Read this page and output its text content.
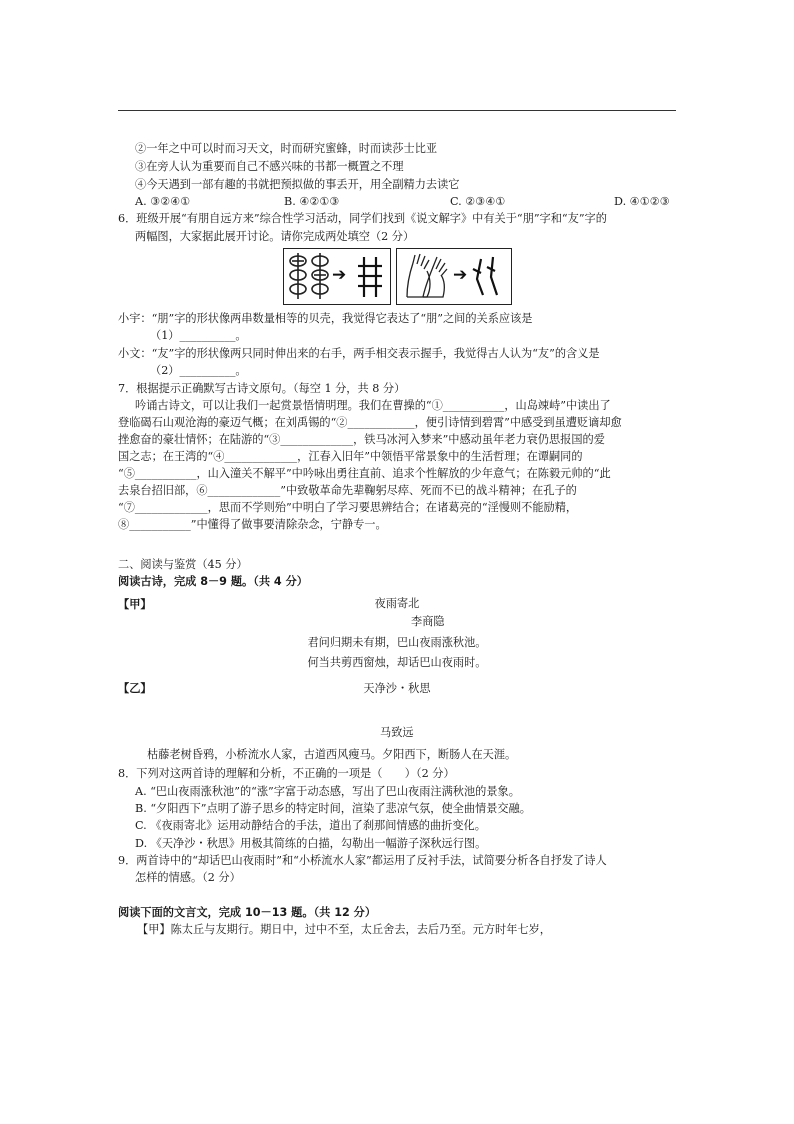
②一年之中可以时而习天文，时而研究蜜蜂，时而读莎士比亚
③在旁人认为重要而自己不感兴味的书都一概置之不理
④今天遇到一部有趣的书就把预拟做的事丢开，用全副精力去读它
A. ③②④①	B. ④②①③	C. ②③④①	D. ④①②③
6．班级开展“有朋自远方来”综合性学习活动，同学们找到《说文解字》中有关于“朋”字和“友”字的
两幅图，大家据此展开讨论。请你完成两处填空（2 分）
➔	➔
小宇：“朋”字的形状像两串数量相等的贝壳，我觉得它表达了“朋”之间的关系应该是
（1）__________。
小文：“友”字的形状像两只同时伸出来的右手，两手相交表示握手，我觉得古人认为“友”的含义是
（2）__________。
7．根据提示正确默写古诗文原句。（每空 1 分，共 8 分）
吟诵古诗文，可以让我们一起赏景悟情明理。我们在曹操的“①___________，山岛竦峙”中读出了
登临碣石山观沧海的豪迈气概；在刘禹锡的“②____________，便引诗情到碧霄”中感受到虽遭贬谪却愈
挫愈奋的豪壮情怀；在陆游的“③_____________，铁马冰河入梦来”中感动虽年老力衰仍思报国的爱
国之志；在王湾的“④_____________，江春入旧年”中领悟平常景象中的生活哲理；在谭嗣同的
“⑤___________，山入潼关不解平”中吟咏出勇往直前、追求个性解放的少年意气；在陈毅元帅的“此
去泉台招旧部，⑥_____________”中致敬革命先辈鞠躬尽瘁、死而不已的战斗精神；在孔子的
“⑦_____________，思而不学则殆”中明白了学习要思辨结合；在诸葛亮的“淫慢则不能励精，
⑧___________”中懂得了做事要清除杂念，宁静专一。
二、阅读与鉴赏（45 分）
阅读古诗，完成 8－9 题。（共 4 分）
【甲】	夜雨寄北
李商隐
君问归期未有期，巴山夜雨涨秋池。
何当共剪西窗烛，却话巴山夜雨时。
【乙】	天净沙・秋思
马致远
枯藤老树昏鸦，小桥流水人家，古道西风瘦马。夕阳西下，断肠人在天涯。
8．下列对这两首诗的理解和分析，不正确的一项是（　　）（2 分）
A. “巴山夜雨涨秋池”的“涨”字富于动态感，写出了巴山夜雨注满秋池的景象。
B. “夕阳西下”点明了游子思乡的特定时间，渲染了悲凉气氛，使全曲情景交融。
C. 《夜雨寄北》运用动静结合的手法，道出了刹那间情感的曲折变化。
D. 《天净沙・秋思》用极其简练的白描，勾勒出一幅游子深秋远行图。
9．两首诗中的“却话巴山夜雨时”和“小桥流水人家”都运用了反衬手法，试简要分析各自抒发了诗人
怎样的情感。（2 分）
阅读下面的文言文，完成 10－13 题。（共 12 分）
【甲】陈太丘与友期行。期日中，过中不至，太丘舍去，去后乃至。元方时年七岁，
